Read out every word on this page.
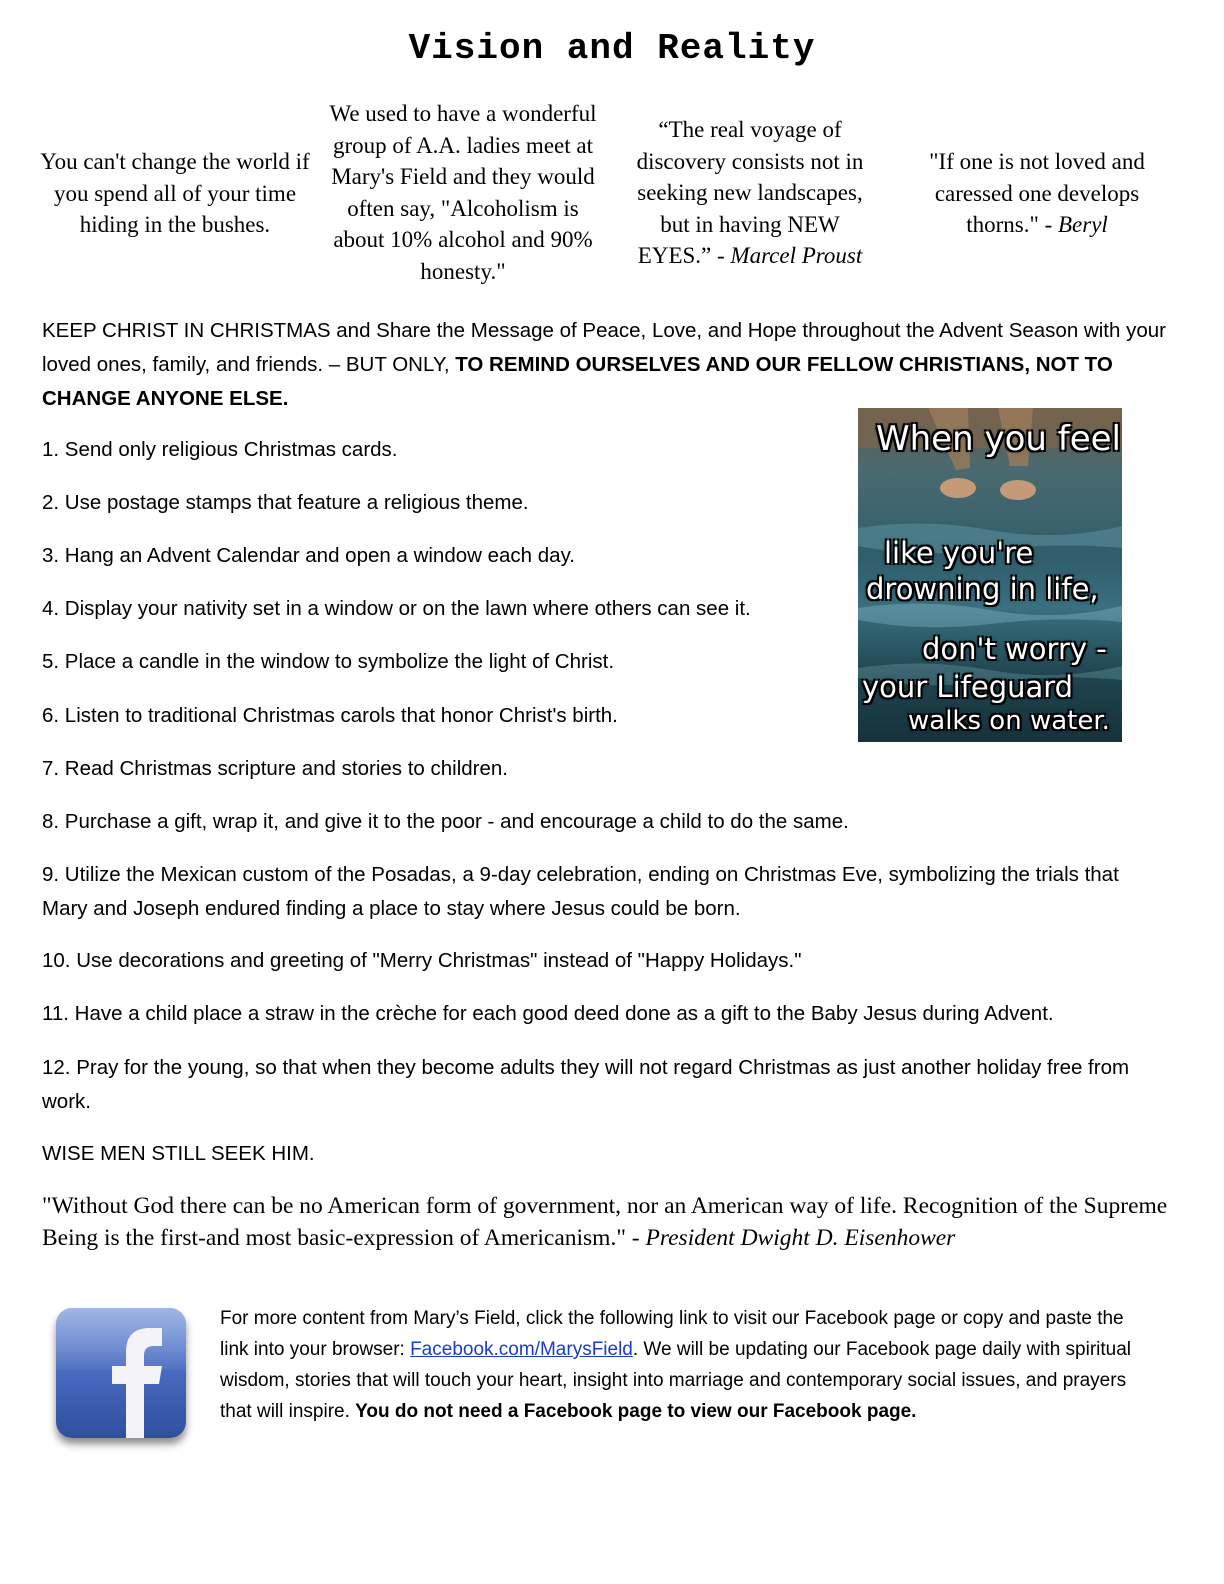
Vision and Reality
You can't change the world if you spend all of your time hiding in the bushes.
We used to have a wonderful group of A.A. ladies meet at Mary's Field and they would often say, "Alcoholism is about 10% alcohol and 90% honesty."
“The real voyage of discovery consists not in seeking new landscapes, but in having NEW EYES.” - Marcel Proust
"If one is not loved and caressed one develops thorns." - Beryl
KEEP CHRIST IN CHRISTMAS and Share the Message of Peace, Love, and Hope throughout the Advent Season with your loved ones, family, and friends. – BUT ONLY, TO REMIND OURSELVES AND OUR FELLOW CHRISTIANS, NOT TO CHANGE ANYONE ELSE.
1. Send only religious Christmas cards.
2. Use postage stamps that feature a religious theme.
3. Hang an Advent Calendar and open a window each day.
4. Display your nativity set in a window or on the lawn where others can see it.
5. Place a candle in the window to symbolize the light of Christ.
6. Listen to traditional Christmas carols that honor Christ's birth.
7. Read Christmas scripture and stories to children.
8. Purchase a gift, wrap it, and give it to the poor - and encourage a child to do the same.
9. Utilize the Mexican custom of the Posadas, a 9-day celebration, ending on Christmas Eve, symbolizing the trials that Mary and Joseph endured finding a place to stay where Jesus could be born.
10. Use decorations and greeting of "Merry Christmas" instead of "Happy Holidays."
11. Have a child place a straw in the crèche for each good deed done as a gift to the Baby Jesus during Advent.
12. Pray for the young, so that when they become adults they will not regard Christmas as just another holiday free from work.
WISE MEN STILL SEEK HIM.
When you feel
like you're
drowning in life,
don't worry -
your Lifeguard
walks on water.
"Without God there can be no American form of government, nor an American way of life. Recognition of the Supreme Being is the first-and most basic-expression of Americanism." - President Dwight D. Eisenhower
For more content from Mary’s Field, click the following link to visit our Facebook page or copy and paste the link into your browser: Facebook.com/MarysField. We will be updating our Facebook page daily with spiritual wisdom, stories that will touch your heart, insight into marriage and contemporary social issues, and prayers that will inspire. You do not need a Facebook page to view our Facebook page.
